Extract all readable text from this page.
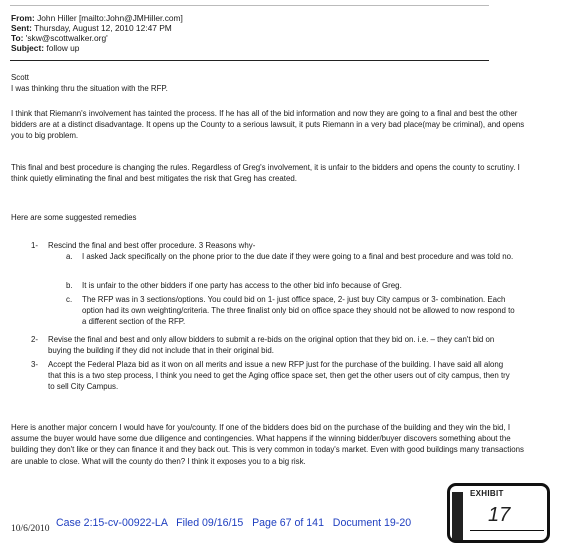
From: John Hiller [mailto:John@JMHiller.com]
Sent: Thursday, August 12, 2010 12:47 PM
To: 'skw@scottwalker.org'
Subject: follow up
Scott
I was thinking thru the situation with the RFP.
I think that Riemann's involvement has tainted the process. If he has all of the bid information and now they are going to a final and best the other bidders are at a distinct disadvantage. It opens up the County to a serious lawsuit, it puts Riemann in a very bad place(may be criminal), and opens you to big problem.
This final and best procedure is changing the rules. Regardless of Greg's involvement, it is unfair to the bidders and opens the county to scrutiny. I think quietly eliminating the final and best mitigates the risk that Greg has created.
Here are some suggested remedies
1- Rescind the final and best offer procedure. 3 Reasons why-
a. I asked Jack specifically on the phone prior to the due date if they were going to a final and best procedure and was told no.
b. It is unfair to the other bidders if one party has access to the other bid info because of Greg.
c. The RFP was in 3 sections/options. You could bid on 1- just office space, 2- just buy City campus or 3- combination. Each option had its own weighting/criteria. The three finalist only bid on office space they should not be allowed to now respond to a different section of the RFP.
2- Revise the final and best and only allow bidders to submit a re-bids on the original option that they bid on. i.e. – they can't bid on buying the building if they did not include that in their original bid.
3- Accept the Federal Plaza bid as it won on all merits and issue a new RFP just for the purchase of the building. I have said all along that this is a two step process, I think you need to get the Aging office space set, then get the other users out of city campus, then try to sell City Campus.
Here is another major concern I would have for you/county. If one of the bidders does bid on the purchase of the building and they win the bid, I assume the buyer would have some due diligence and contingencies. What happens if the winning bidder/buyer discovers something about the building they don't like or they can finance it and they back out. This is very common in today's market. Even with good buildings many transactions are unable to close. What will the county do then? I think it exposes you to a big risk.
10/6/2010 Case 2:15-cv-00922-LA   Filed 09/16/15   Page 67 of 141   Document 19-20
EXHIBIT
17
